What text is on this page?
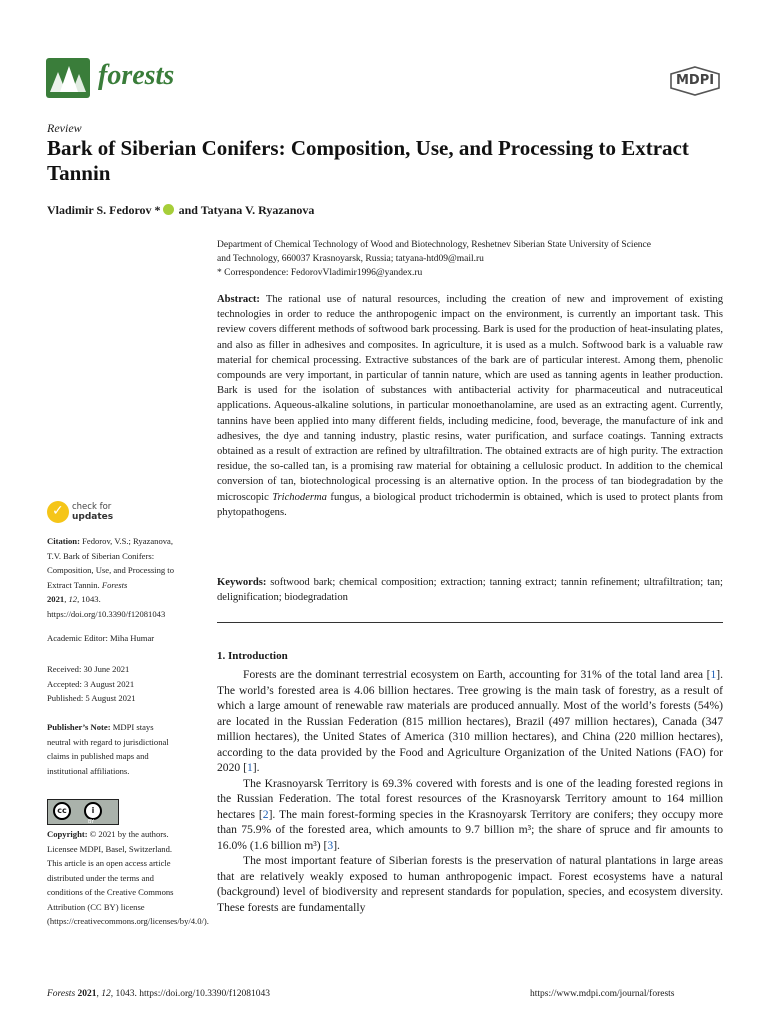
forests	MDPI
Review
Bark of Siberian Conifers: Composition, Use, and Processing to Extract Tannin
Vladimir S. Fedorov * and Tatyana V. Ryazanova
Department of Chemical Technology of Wood and Biotechnology, Reshetnev Siberian State University of Science
and Technology, 660037 Krasnoyarsk, Russia; tatyana-htd09@mail.ru
* Correspondence: FedorovVladimir1996@yandex.ru
Abstract: The rational use of natural resources, including the creation of new and improvement of existing technologies in order to reduce the anthropogenic impact on the environment, is currently an important task. This review covers different methods of softwood bark processing. Bark is used for the production of heat-insulating plates, and also as filler in adhesives and composites. In agriculture, it is used as a mulch. Softwood bark is a valuable raw material for chemical processing. Extractive substances of the bark are of particular interest. Among them, phenolic compounds are very important, in particular of tannin nature, which are used as tanning agents in leather production. Bark is used for the isolation of substances with antibacterial activity for pharmaceutical and nutraceutical applications. Aqueous-alkaline solutions, in particular monoethanolamine, are used as an extracting agent. Currently, tannins have been applied into many different fields, including medicine, food, beverage, the manufacture of ink and adhesives, the dye and tanning industry, plastic resins, water purification, and surface coatings. Tanning extracts obtained as a result of extraction are refined by ultrafiltration. The obtained extracts are of high purity. The extraction residue, the so-called tan, is a promising raw material for obtaining a cellulosic product. In addition to the chemical conversion of tan, biotechnological processing is an alternative option. In the process of tan biodegradation by the microscopic Trichoderma fungus, a biological product trichodermin is obtained, which is used to protect plants from phytopathogens.
Keywords: softwood bark; chemical composition; extraction; tanning extract; tannin refinement; ultrafiltration; tan; delignification; biodegradation
1. Introduction

Forests are the dominant terrestrial ecosystem on Earth, accounting for 31% of the total land area [1]. The world’s forested area is 4.06 billion hectares. Tree growing is the main task of forestry, as a result of which a large amount of renewable raw materials are produced annually. Most of the world’s forests (54%) are located in the Russian Federation (815 million hectares), Brazil (497 million hectares), Canada (347 million hectares), the United States of America (310 million hectares), and China (220 million hectares), according to the data provided by the Food and Agriculture Organization of the United Nations (FAO) for 2020 [1].

The Krasnoyarsk Territory is 69.3% covered with forests and is one of the leading forested regions in the Russian Federation. The total forest resources of the Krasnoyarsk Territory amount to 164 million hectares [2]. The main forest-forming species in the Krasnoyarsk Territory are conifers; they occupy more than 75.9% of the forested area, which amounts to 9.7 billion m³; the share of spruce and fir amounts to 16.0% (1.6 billion m³) [3].

The most important feature of Siberian forests is the preservation of natural plantations in large areas that are relatively weakly exposed to human anthropogenic impact. Forest ecosystems have a natural (background) level of biodiversity and represent standards for population, species, and ecosystem diversity. These forests are fundamentally

✓ check for
updates
Citation: Fedorov, V.S.; Ryazanova, T.V. Bark of Siberian Conifers: Composition, Use, and Processing to Extract Tannin. Forests
2021, 12, 1043. https://doi.org/10.3390/f12081043
Academic Editor: Miha Humar
Received: 30 June 2021
Accepted: 3 August 2021
Published: 5 August 2021
Publisher’s Note: MDPI stays neutral with regard to jurisdictional claims in published maps and institutional affiliations.
cc	i
BY
Copyright: © 2021 by the authors. Licensee MDPI, Basel, Switzerland. This article is an open access article distributed under the terms and conditions of the Creative Commons Attribution (CC BY) license (https://creativecommons.org/licenses/by/4.0/).
Forests 2021, 12, 1043. https://doi.org/10.3390/f12081043	https://www.mdpi.com/journal/forests
